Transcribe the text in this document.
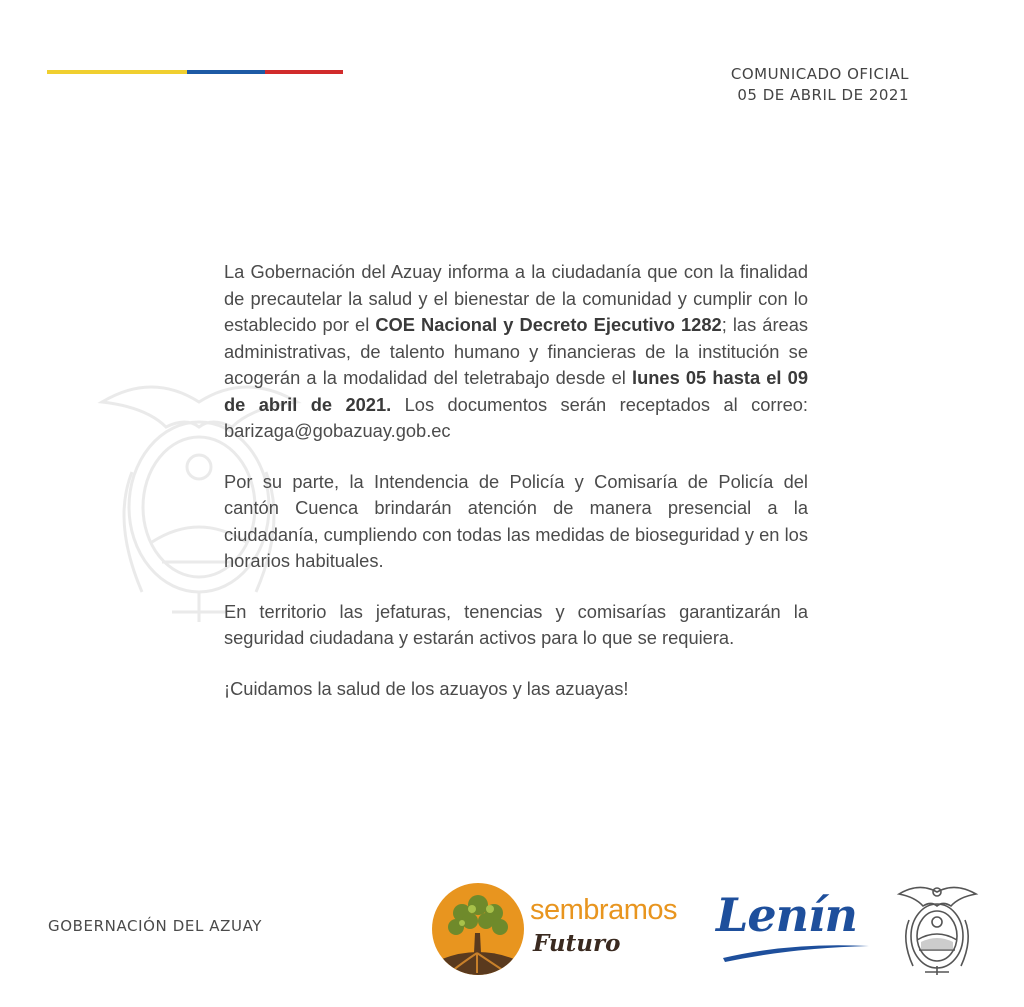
COMUNICADO OFICIAL
05 DE ABRIL DE 2021

La Gobernación del Azuay informa a la ciudadanía que con la finalidad de precautelar la salud y el bienestar de la comunidad y cumplir con lo establecido por el COE Nacional y Decreto Ejecutivo 1282; las áreas administrativas, de talento humano y financieras de la institución se acogerán a la modalidad del teletrabajo desde el lunes 05 hasta el 09 de abril de 2021. Los documentos serán receptados al correo: barizaga@gobazuay.gob.ec

Por su parte, la Intendencia de Policía y Comisaría de Policía del cantón Cuenca brindarán atención de manera presencial a la ciudadanía, cumpliendo con todas las medidas de bioseguridad y en los horarios habituales.

En territorio las jefaturas, tenencias y comisarías garantizarán la seguridad ciudadana y estarán activos para lo que se requiera.

¡Cuidamos la salud de los azuayos y las azuayas!

GOBERNACIÓN DEL AZUAY	sembramos
Futuro
Lenín
